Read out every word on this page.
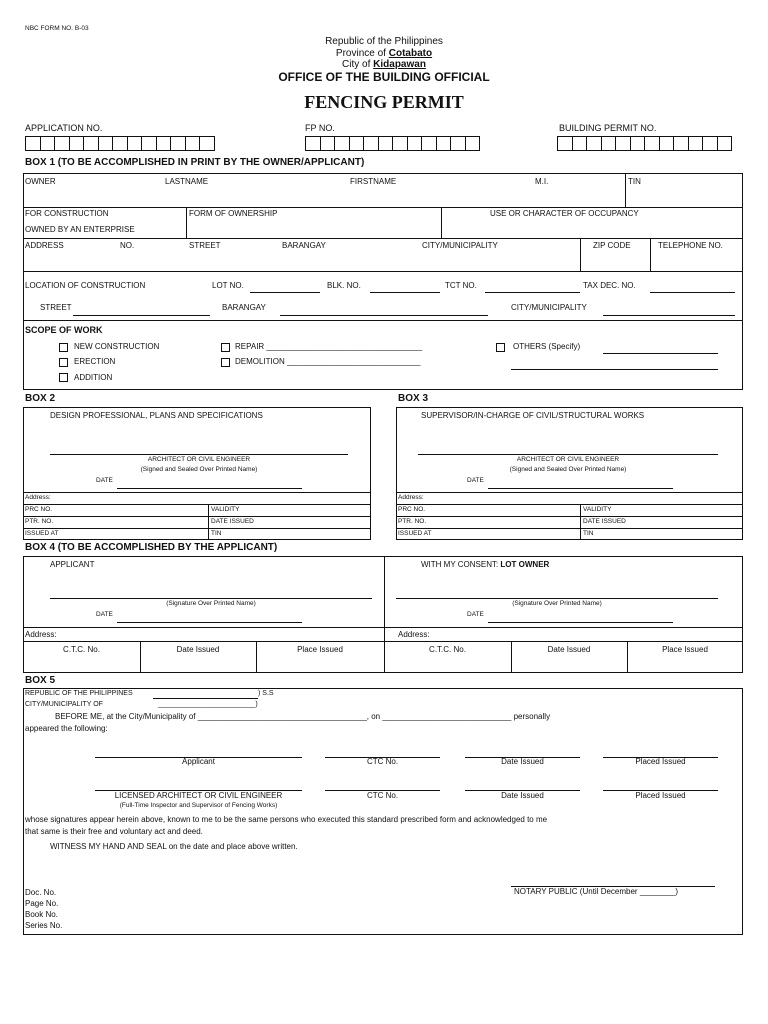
NBC FORM NO. B-03
Republic of the Philippines
Province of Cotabato
City of Kidapawan
OFFICE OF THE BUILDING OFFICIAL
FENCING PERMIT
APPLICATION NO.	FP NO.	BUILDING PERMIT NO.
BOX 1 (TO BE ACCOMPLISHED IN PRINT BY THE OWNER/APPLICANT)
OWNER	LASTNAME	FIRSTNAME	M.I.	TIN
FOR CONSTRUCTION
OWNED BY AN ENTERPRISE
FORM OF OWNERSHIP	USE OR CHARACTER OF OCCUPANCY
ADDRESS	NO.	STREET	BARANGAY	CITY/MUNICIPALITY	ZIP CODE	TELEPHONE NO.
LOCATION OF CONSTRUCTION	LOT NO.	BLK. NO.	TCT NO.	TAX DEC. NO.
STREET	BARANGAY	CITY/MUNICIPALITY
SCOPE OF WORK
NEW CONSTRUCTION
ERECTION
ADDITION
REPAIR ___________________________________
DEMOLITION ______________________________
OTHERS (Specify)
BOX 2	BOX 3
DESIGN PROFESSIONAL, PLANS AND SPECIFICATIONS
ARCHITECT OR CIVIL ENGINEER
(Signed and Sealed Over Printed Name)
DATE
Address:
PRC NO.	VALIDITY
PTR. NO.	DATE ISSUED
ISSUED AT	TIN
SUPERVISOR/IN-CHARGE OF CIVIL/STRUCTURAL WORKS
ARCHITECT OR CIVIL ENGINEER
(Signed and Sealed Over Printed Name)
DATE
Address:
PRC NO.	VALIDITY
PTR. NO.	DATE ISSUED
ISSUED AT	TIN
BOX 4 (TO BE ACCOMPLISHED BY THE APPLICANT)
APPLICANT	WITH MY CONSENT: LOT OWNER
(Signature Over Printed Name)
DATE
(Signature Over Printed Name)
DATE
Address:	Address:
C.T.C. No.	Date Issued	Place Issued	C.T.C. No.	Date Issued	Place Issued
BOX 5
REPUBLIC OF THE PHILIPPINES	) S.S
CITY/MUNICIPALITY OF	_________________________)
BEFORE ME, at the City/Municipality of ______________________________________, on _____________________________ personally
appeared the following:
Applicant	CTC No.	Date Issued	Placed Issued
LICENSED ARCHITECT OR CIVIL ENGINEER
(Full-Time Inspector and Supervisor of Fencing Works)
CTC No.	Date Issued	Placed Issued
whose signatures appear herein above, known to me to be the same persons who executed this standard prescribed form and acknowledged to me
that same is their free and voluntary act and deed.
WITNESS MY HAND AND SEAL on the date and place above written.
NOTARY PUBLIC (Until December ________)
Doc. No.
Page No.
Book No.
Series No.
